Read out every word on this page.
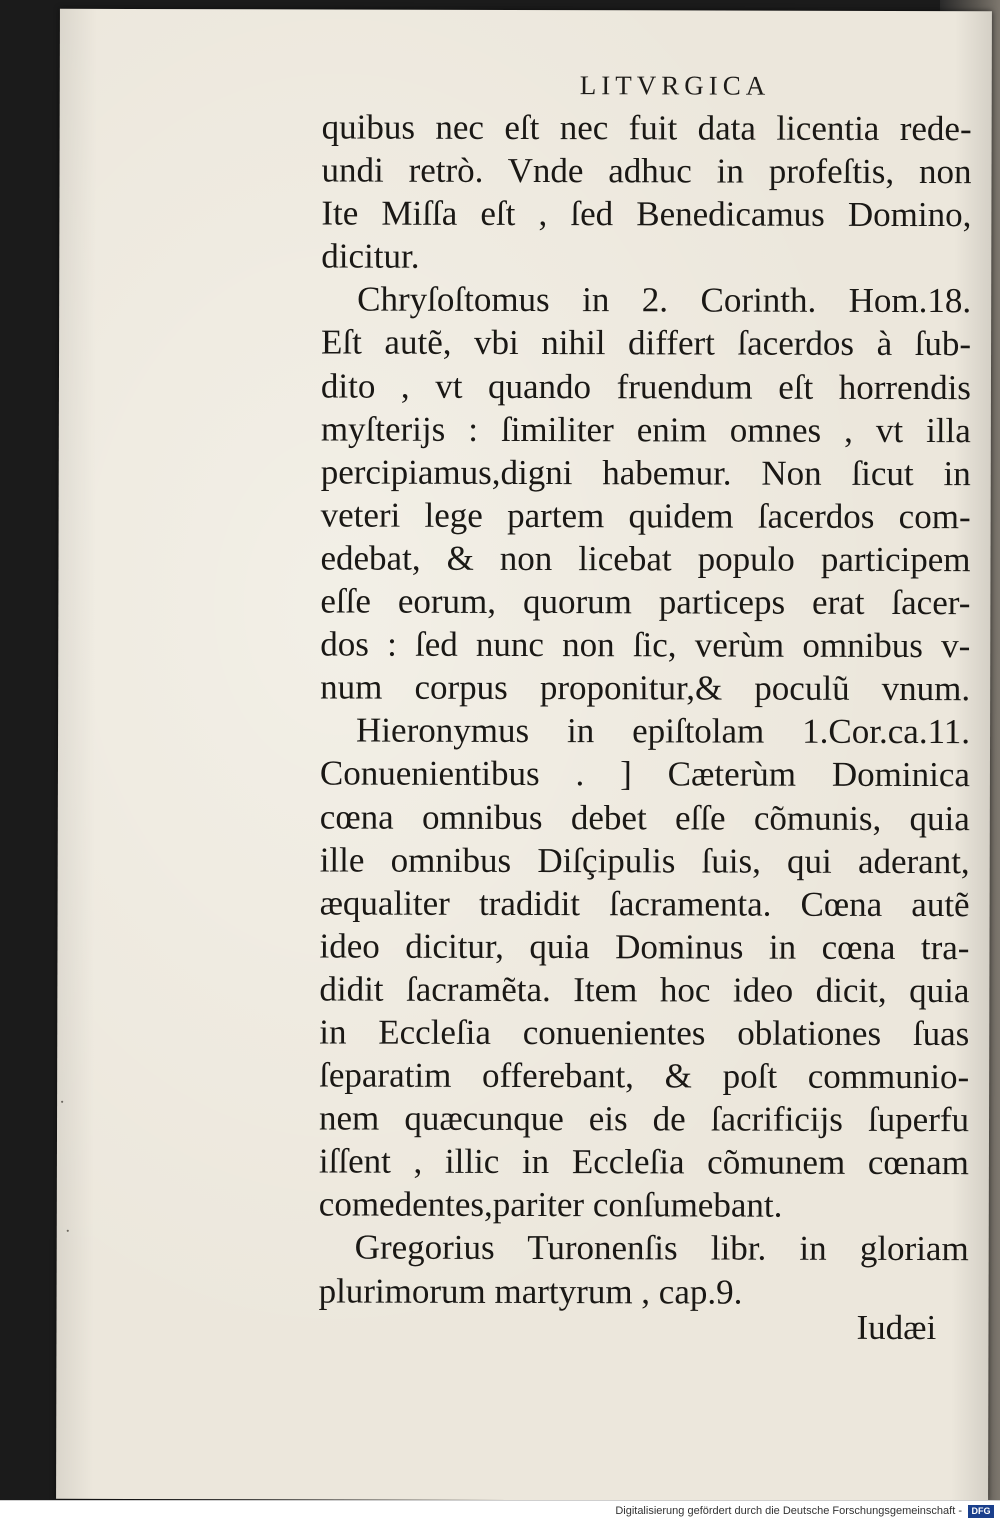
LITVRGICA
quibus nec eſt nec fuit data licentia rede-
undi retrò. Vnde adhuc in profeſtis, non
Ite Miſſa eſt , ſed Benedicamus Domino,
dicitur.
Chryſoſtomus in 2. Corinth. Hom.18.
Eſt autẽ, vbi nihil differt ſacerdos à ſub-
dito , vt quando fruendum eſt horrendis
myſterijs : ſimiliter enim omnes , vt illa
percipiamus,digni habemur. Non ſicut in
veteri lege partem quidem ſacerdos com-
edebat, & non licebat populo participem
eſſe eorum, quorum particeps erat ſacer-
dos : ſed nunc non ſic, verùm omnibus v-
num corpus proponitur,& poculũ vnum.
Hieronymus in epiſtolam 1.Cor.ca.11.
Conuenientibus . ] Cæterùm Dominica
cœna omnibus debet eſſe cõmunis, quia
ille omnibus Diſçipulis ſuis, qui aderant,
æqualiter tradidit ſacramenta. Cœna autẽ
ideo dicitur, quia Dominus in cœna tra-
didit ſacramẽta. Item hoc ideo dicit, quia
in Eccleſia conuenientes oblationes ſuas
ſeparatim offerebant, & poſt communio-
nem quæcunque eis de ſacrificijs ſuperfu
iſſent , illic in Eccleſia cõmunem cœnam
comedentes,pariter conſumebant.
Gregorius Turonenſis libr. in gloriam
plurimorum martyrum , cap.9.
Iudæi
·
·
Digitalisierung gefördert durch die Deutsche Forschungsgemeinschaft -	DFG
